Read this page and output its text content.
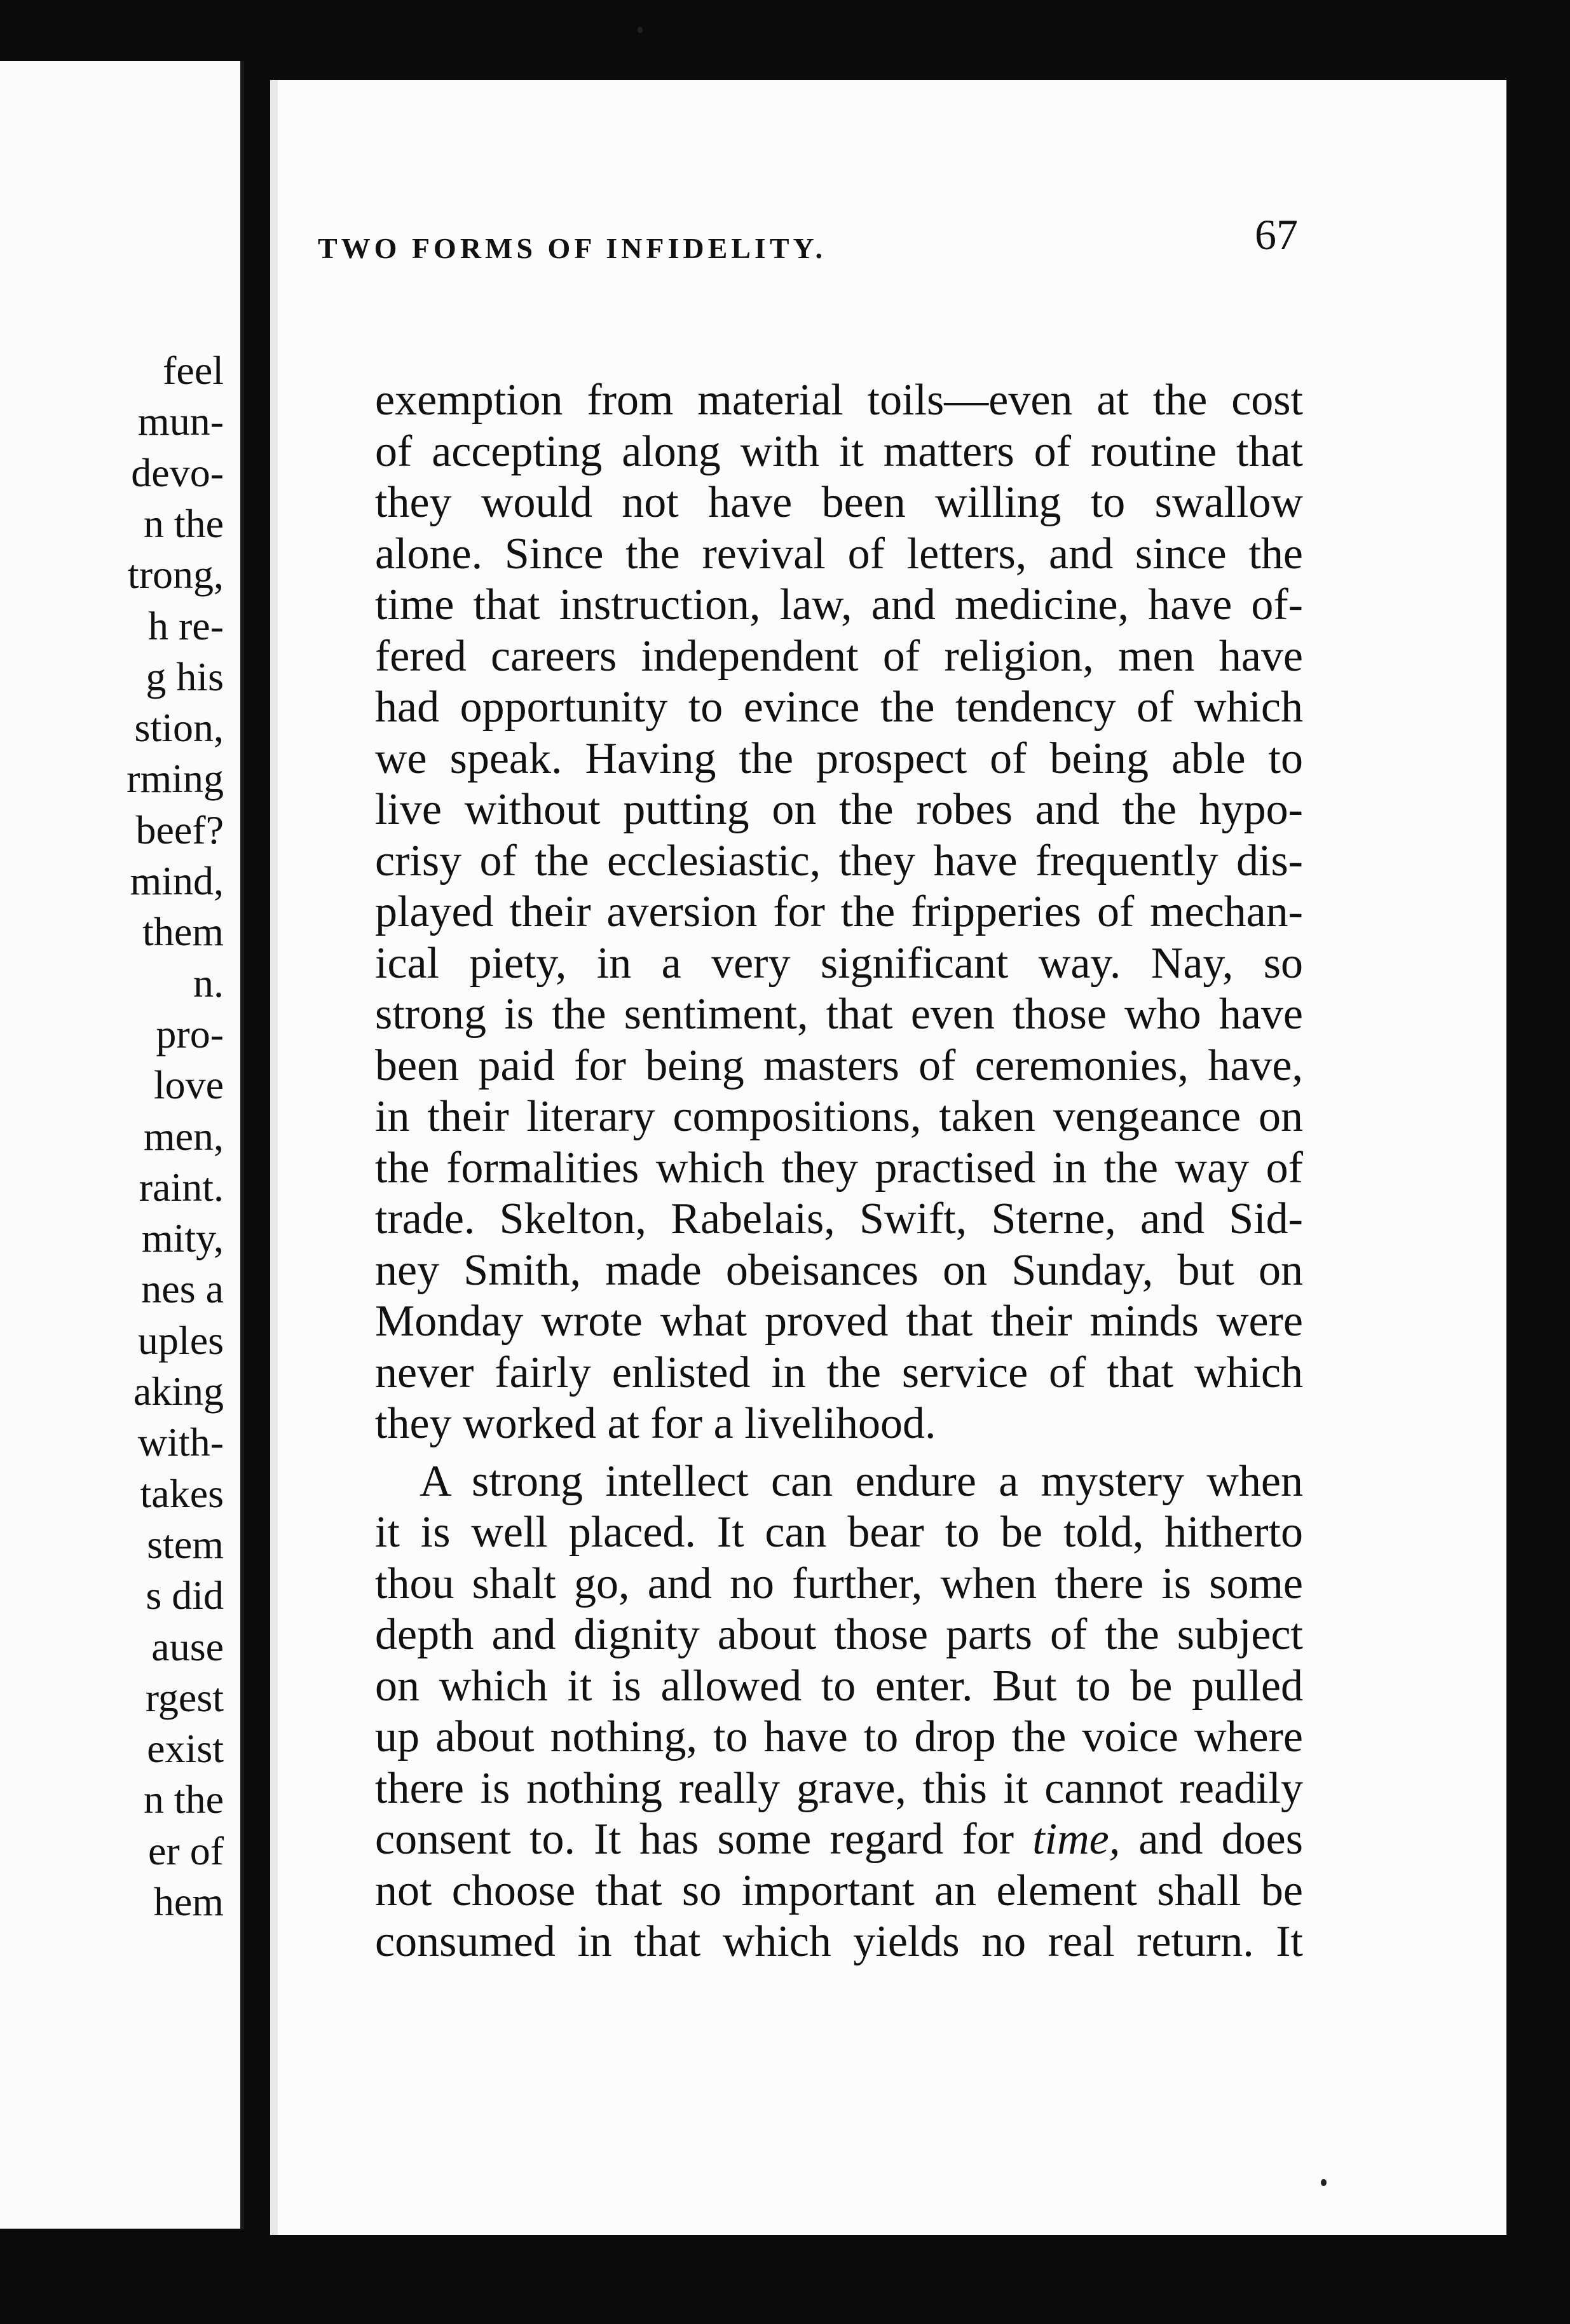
feel
mun-
devo-
n the
trong,
h re-
g his
stion,
rming
beef?
mind,
them
n.
pro-
love
men,
raint.
mity,
nes a
uples
aking
with-
takes
stem
s did
ause
rgest
exist
n the
er of
hem
TWO FORMS OF INFIDELITY.	67
exemption from material toils—even at the cost
of accepting along with it matters of routine that
they would not have been willing to swallow
alone. Since the revival of letters, and since the
time that instruction, law, and medicine, have of-
fered careers independent of religion, men have
had opportunity to evince the tendency of which
we speak. Having the prospect of being able to
live without putting on the robes and the hypo-
crisy of the ecclesiastic, they have frequently dis-
played their aversion for the fripperies of mechan-
ical piety, in a very significant way. Nay, so
strong is the sentiment, that even those who have
been paid for being masters of ceremonies, have,
in their literary compositions, taken vengeance on
the formalities which they practised in the way of
trade. Skelton, Rabelais, Swift, Sterne, and Sid-
ney Smith, made obeisances on Sunday, but on
Monday wrote what proved that their minds were
never fairly enlisted in the service of that which
they worked at for a livelihood.
A strong intellect can endure a mystery when
it is well placed. It can bear to be told, hitherto
thou shalt go, and no further, when there is some
depth and dignity about those parts of the subject
on which it is allowed to enter. But to be pulled
up about nothing, to have to drop the voice where
there is nothing really grave, this it cannot readily
consent to. It has some regard for time, and does
not choose that so important an element shall be
consumed in that which yields no real return. It
